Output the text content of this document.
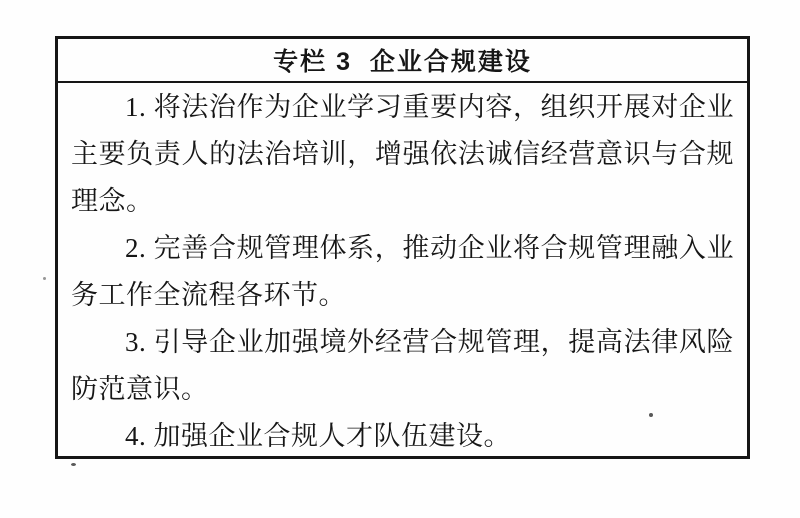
专栏 3  企业合规建设

1. 将法治作为企业学习重要内容，组织开展对企业主要负责人的法治培训，增强依法诚信经营意识与合规理念。

2. 完善合规管理体系，推动企业将合规管理融入业务工作全流程各环节。

3. 引导企业加强境外经营合规管理，提高法律风险防范意识。

4. 加强企业合规人才队伍建设。
